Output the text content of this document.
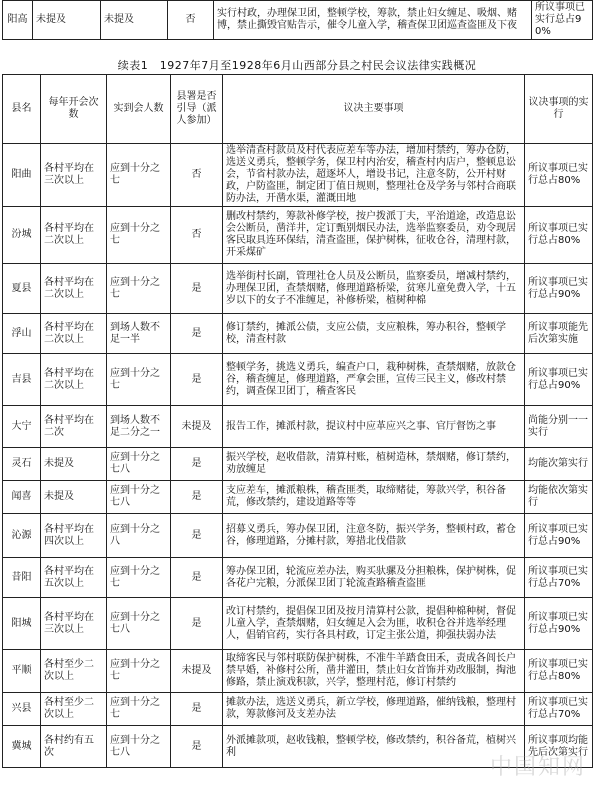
阳高	未提及	未提及	否	实行村政，办理保卫团，整顿学校，筹款，禁止妇女缠足、吸烟、赌博，禁止撕毁官贴告示，催令儿童入学，稽查保卫团巡查盗匪及下夜	所议事项已实行总占90%
续表1　1927年7月至1928年6月山西部分县之村民会议法律实践概况
县名	每年开会次数	实到会人数	县署是否引导（派人参加）	议决主要事项	议决事项的实行
阳曲	各村平均在三次以上	应到十分之七	否	选举清查村款员及村代表应差车等办法，增加村禁约，筹办仓防，选送义勇兵，整顿学务，保卫村内治安，稽查村内店户，整顿息讼会，节省村款办法，超逐坏人，增设书记，注意冬防，公开村财政，户防盗匪，制定团丁值日规则，整理社仓及学务与邻村合商联防办法，开凿水渠，灌溉田地	所议事项已实行总占80%
汾城	各村平均在二次以上	应到十分之七	否	删改村禁约，筹款补修学校，按户拨派丁夫，平治道途，改造息讼会公断员，凿洋井，定订甄别烟民办法，选举监察委员，劝令现居客民取具连环保结，清查盗匪，保护树株，征收仓谷，清理村款，开采煤矿	所议事项已实行总占80%
夏县	各村平均在二次以上	应到十分之七	是	选举街村长副，管理社仓人员及公断员，监察委员，增减村禁约，办理保卫团，查禁烟赌，修理道路桥梁，贫寒儿童免费入学，十五岁以下的女子不准缠足，补修桥梁，植树种棉	所议事项已实行总占90%
浮山	各村平均在二次以上	到场人数不足一半	是	修订禁约，摊派公债，支应公债，支应粮株，筹办积谷，整顿学校，清查村款	所议事项能先后次第实施
吉县	各村平均在二次以上	应到十分之七	是	整顿学务，挑选义勇兵，编查户口，栽种树株，查禁烟赌，放款仓谷，稽查缠足，修理道路，严拿会匪，宣传三民主义，修改村禁约，调查保卫团丁，稽查客民	所议事项已实行总占90%
大宁	各村平均在二次	到场人数不足二分之一	未提及	报告工作，摊派村款，提议村中应革应兴之事、官厅督饬之事	尚能分别一一实行
灵石	未提及	应到十分之七八	是	振兴学校，赵收借款，清算村账，植树造林，禁烟赌，修订禁约，劝放缠足	均能次第实行
闻喜	未提及	应到十分之七八	是	支应差车，摊派粮株，稽查匪类，取缔赌徒，筹款兴学，积谷备荒，修改禁约，建设道路等等	均能依次第实行
沁源	各村平均在四次以上	应到十分之八	是	招募义勇兵，筹办保卫团，注意冬防，振兴学务，整顿村政，蓄仓谷，修理道路，分摊村款，筹措北伐借款	所议事项已实行总占90%
昔阳	各村平均在五次以上	应到十分之七	是	筹办保卫团，轮流应差办法，购买驮骡及分担粮株，保护树株，促各花户完粮，分派保卫团丁轮流查路稽查盗匪	所议事项已实行总占70%
阳城	各村平均在三次以上	应到十分之七八	是	改订村禁约，提倡保卫团及按月清算村公款，提倡种棉种树，督促儿童入学，查禁烟赌，妇女缠足入会为匪，收积仓谷并选举经理人，倡销官药，实行各具村政，订定主张公道，抑强扶弱办法	所议事项已实行总占90%
平顺	各村至少二次以上	应到十分之七	未提及	取缔客民与邻村联防保护树株，不准牛羊踏食田禾，责成各闾长户禁早婚，补修村公所，凿井灌田，禁止妇女首饰并劝改服制，掏池修路，禁止演戏积款，兴学，整理村范，修订村禁约	所议事项已实行总占80%
兴县	各村至少二次以上	应到十分之七	是	摊款办法，选送义勇兵，新立学校，修理道路，催纳钱粮，整理村款，筹款修河及支差办法	所议事项已实行总占70%
冀城	各村约有五次	应到十分之七八	是	外派摊款项，赵收钱粮，整顿学校，修改禁约，积谷备荒，植树兴利	所议事项均能先后次第实行
中国知网
